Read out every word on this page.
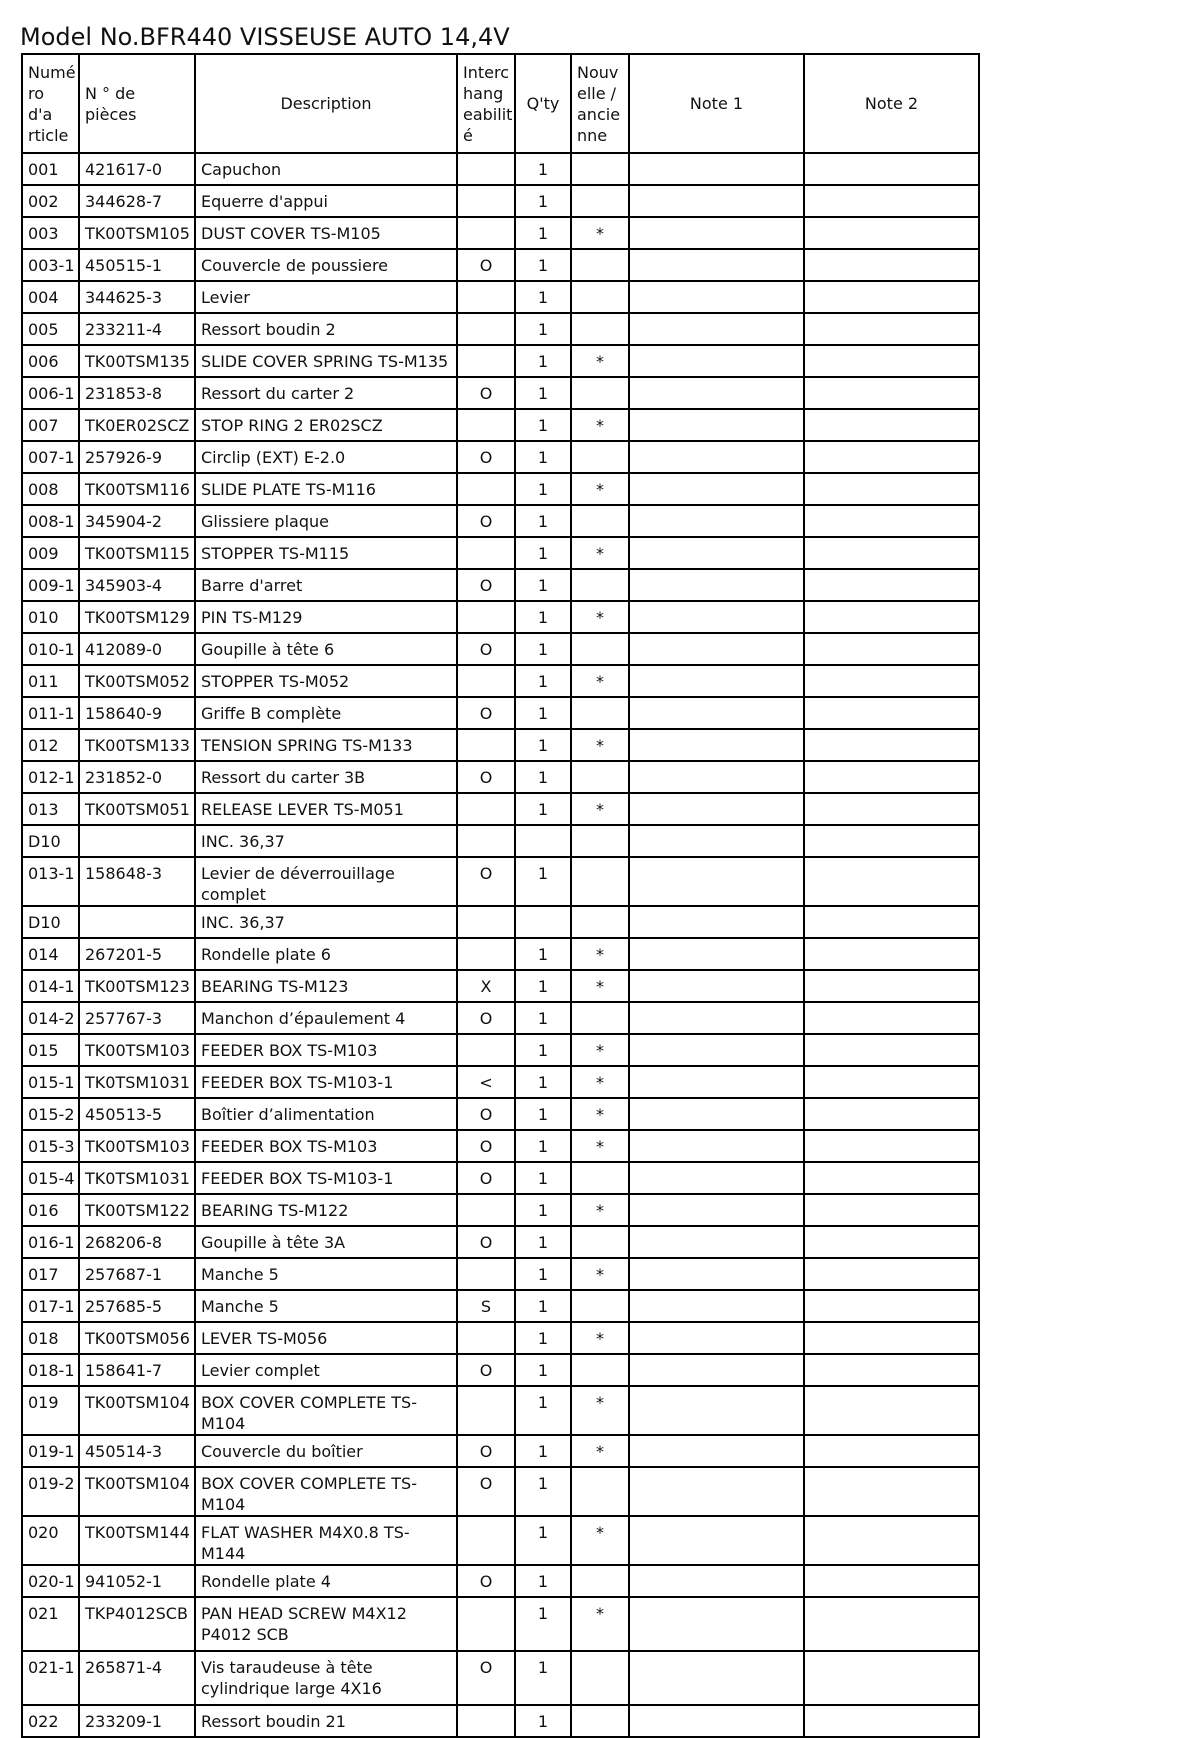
Model No.BFR440 VISSEUSE AUTO 14,4V
Numé ro d'a rticle	N ° de pièces	Description	Interc hang eabilit é	Q'ty	Nouv elle / ancie nne	Note 1	Note 2
001	421617-0	Capuchon		1			
002	344628-7	Equerre d'appui		1			
003	TK00TSM105	DUST COVER TS-M105		1	*		
003-1	450515-1	Couvercle de poussiere	O	1			
004	344625-3	Levier		1			
005	233211-4	Ressort boudin 2		1			
006	TK00TSM135	SLIDE COVER SPRING TS-M135		1	*		
006-1	231853-8	Ressort du carter 2	O	1			
007	TK0ER02SCZ	STOP RING 2 ER02SCZ		1	*		
007-1	257926-9	Circlip (EXT) E-2.0	O	1			
008	TK00TSM116	SLIDE PLATE TS-M116		1	*		
008-1	345904-2	Glissiere plaque	O	1			
009	TK00TSM115	STOPPER TS-M115		1	*		
009-1	345903-4	Barre d'arret	O	1			
010	TK00TSM129	PIN TS-M129		1	*		
010-1	412089-0	Goupille à tête 6	O	1			
011	TK00TSM052	STOPPER TS-M052		1	*		
011-1	158640-9	Griffe B complète	O	1			
012	TK00TSM133	TENSION SPRING TS-M133		1	*		
012-1	231852-0	Ressort du carter 3B	O	1			
013	TK00TSM051	RELEASE LEVER TS-M051		1	*		
D10		INC. 36,37					
013-1	158648-3	Levier de déverrouillage complet	O	1			
D10		INC. 36,37					
014	267201-5	Rondelle plate 6		1	*		
014-1	TK00TSM123	BEARING TS-M123	X	1	*		
014-2	257767-3	Manchon d’épaulement 4	O	1			
015	TK00TSM103	FEEDER BOX TS-M103		1	*		
015-1	TK0TSM1031	FEEDER BOX TS-M103-1	<	1	*		
015-2	450513-5	Boîtier d’alimentation	O	1	*		
015-3	TK00TSM103	FEEDER BOX TS-M103	O	1	*		
015-4	TK0TSM1031	FEEDER BOX TS-M103-1	O	1			
016	TK00TSM122	BEARING TS-M122		1	*		
016-1	268206-8	Goupille à tête 3A	O	1			
017	257687-1	Manche 5		1	*		
017-1	257685-5	Manche 5	S	1			
018	TK00TSM056	LEVER TS-M056		1	*		
018-1	158641-7	Levier complet	O	1			
019	TK00TSM104	BOX COVER COMPLETE TS-M104		1	*		
019-1	450514-3	Couvercle du boîtier	O	1	*		
019-2	TK00TSM104	BOX COVER COMPLETE TS-M104	O	1			
020	TK00TSM144	FLAT WASHER M4X0.8 TS-M144		1	*		
020-1	941052-1	Rondelle plate 4	O	1			
021	TKP4012SCB	PAN HEAD SCREW M4X12 P4012 SCB		1	*		
021-1	265871-4	Vis taraudeuse à tête cylindrique large 4X16	O	1			
022	233209-1	Ressort boudin 21		1			
